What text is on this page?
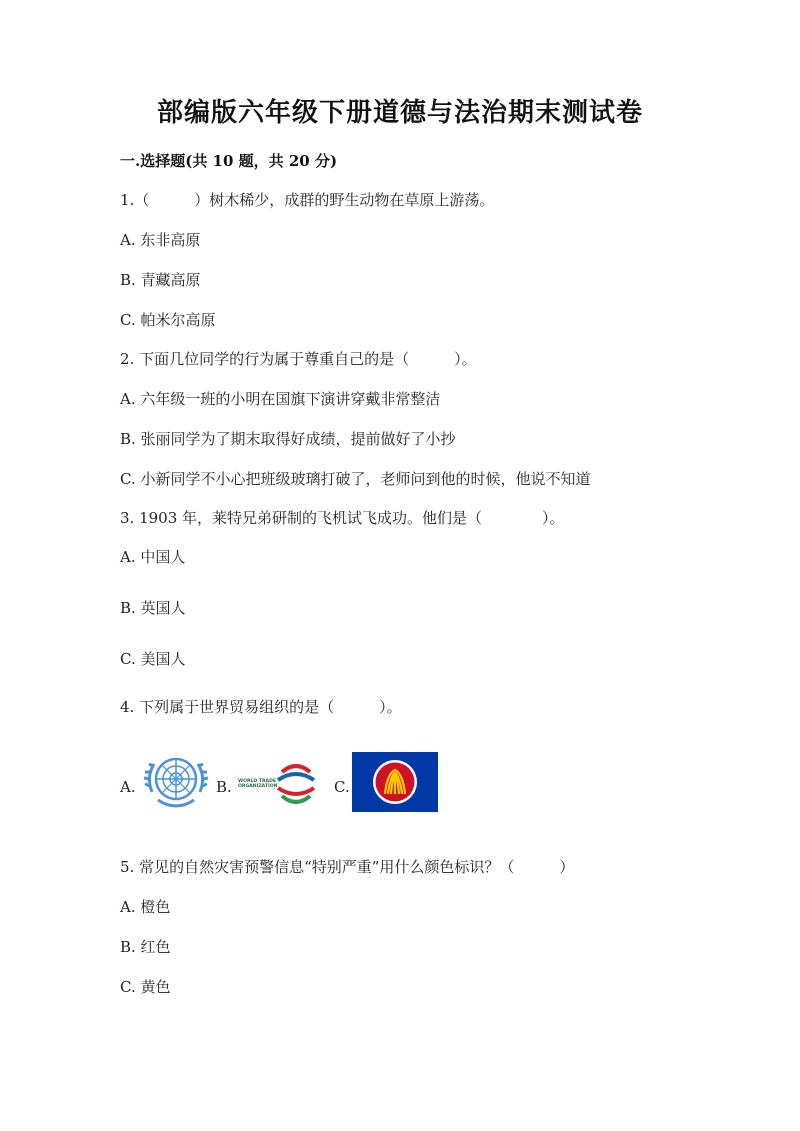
部编版六年级下册道德与法治期末测试卷
一.选择题(共 10 题，共 20 分)
1.（　　　）树木稀少，成群的野生动物在草原上游荡。
A. 东非高原
B. 青藏高原
C. 帕米尔高原
2. 下面几位同学的行为属于尊重自己的是（　　　）。
A. 六年级一班的小明在国旗下演讲穿戴非常整洁
B. 张丽同学为了期末取得好成绩，提前做好了小抄
C. 小新同学不小心把班级玻璃打破了，老师问到他的时候，他说不知道
3. 1903 年，莱特兄弟研制的飞机试飞成功。他们是（　　　　）。
A. 中国人
B. 英国人
C. 美国人
4. 下列属于世界贸易组织的是（　　　）。
A.	B. WORLD TRADE
ORGANIZATION	C.
5. 常见的自然灾害预警信息“特别严重”用什么颜色标识？（　　　）
A. 橙色
B. 红色
C. 黄色
